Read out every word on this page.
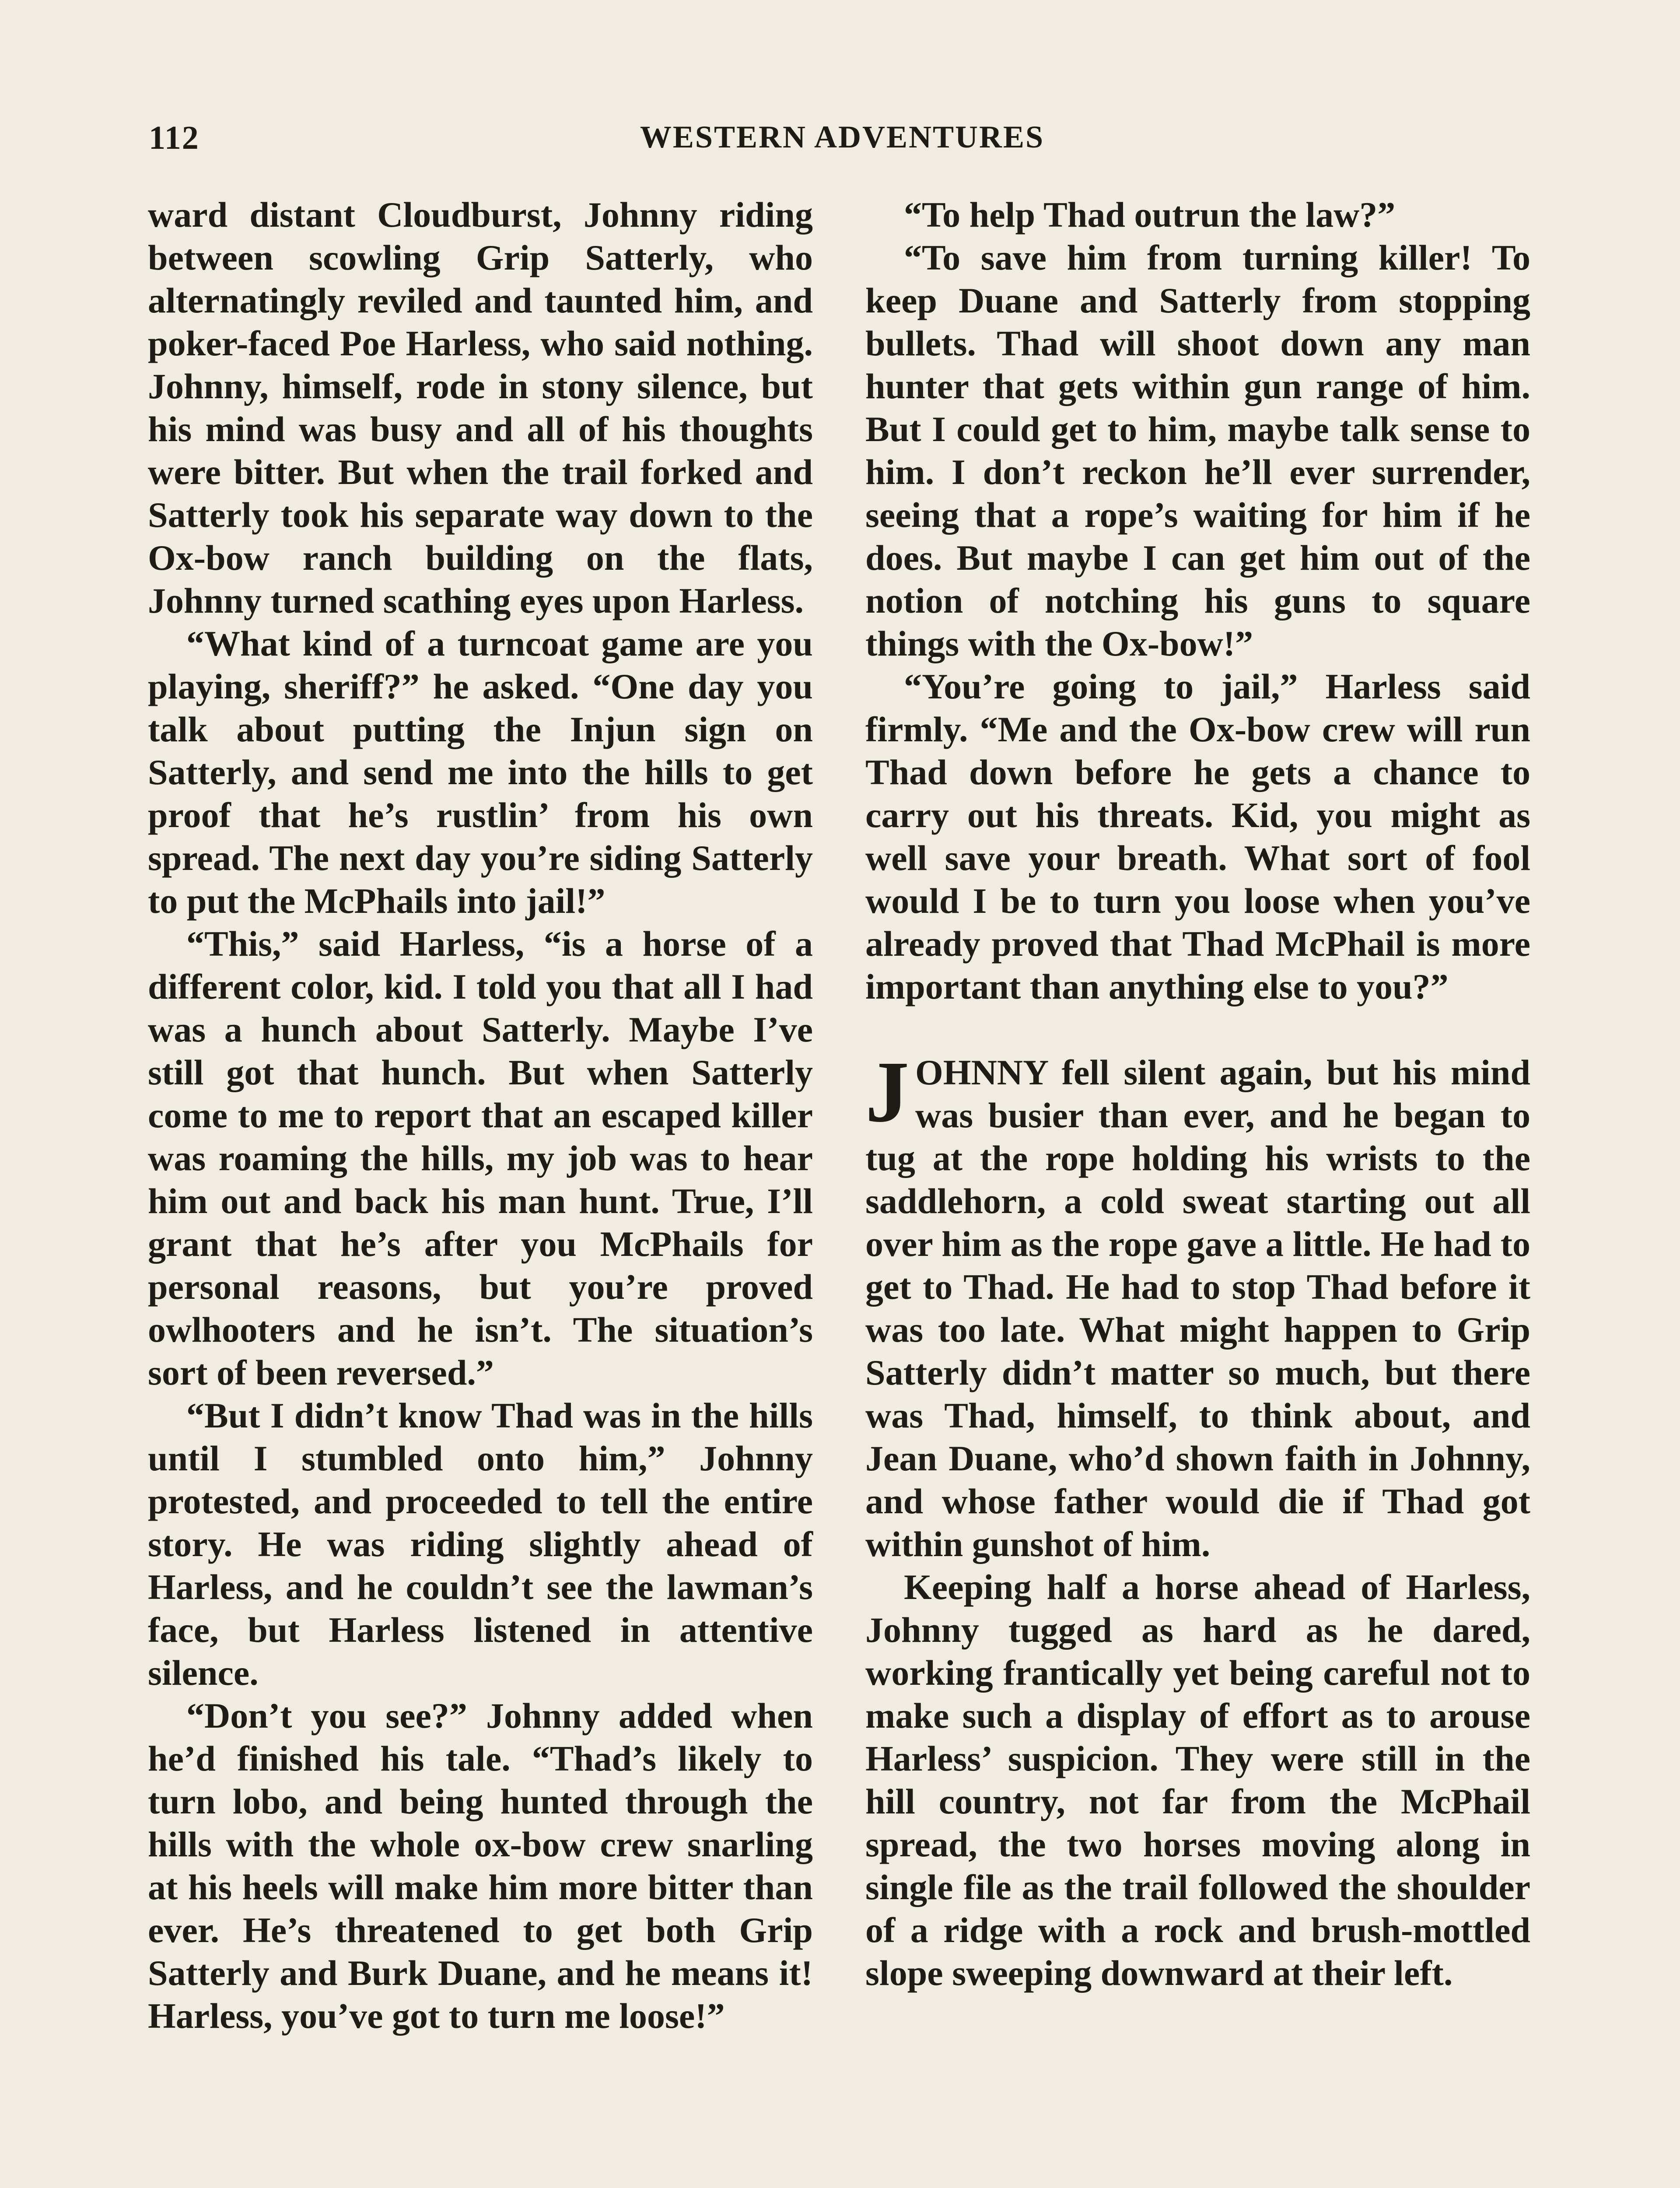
112	WESTERN ADVENTURES

ward distant Cloudburst, Johnny riding between scowling Grip Satterly, who alternatingly reviled and taunted him, and poker-faced Poe Harless, who said nothing. Johnny, himself, rode in stony silence, but his mind was busy and all of his thoughts were bitter. But when the trail forked and Satterly took his separate way down to the Ox-bow ranch building on the flats, Johnny turned scathing eyes upon Harless.

“What kind of a turncoat game are you playing, sheriff?” he asked. “One day you talk about putting the Injun sign on Satterly, and send me into the hills to get proof that he’s rustlin’ from his own spread. The next day you’re siding Satterly to put the McPhails into jail!”

“This,” said Harless, “is a horse of a different color, kid. I told you that all I had was a hunch about Satterly. Maybe I’ve still got that hunch. But when Satterly come to me to report that an escaped killer was roaming the hills, my job was to hear him out and back his man hunt. True, I’ll grant that he’s after you McPhails for personal reasons, but you’re proved owlhooters and he isn’t. The situation’s sort of been reversed.”

“But I didn’t know Thad was in the hills until I stumbled onto him,” Johnny protested, and proceeded to tell the entire story. He was riding slightly ahead of Harless, and he couldn’t see the lawman’s face, but Harless listened in attentive silence.

“Don’t you see?” Johnny added when he’d finished his tale. “Thad’s likely to turn lobo, and being hunted through the hills with the whole ox-bow crew snarling at his heels will make him more bitter than ever. He’s threatened to get both Grip Satterly and Burk Duane, and he means it! Harless, you’ve got to turn me loose!”

“To help Thad outrun the law?”

“To save him from turning killer! To keep Duane and Satterly from stopping bullets. Thad will shoot down any man hunter that gets within gun range of him. But I could get to him, maybe talk sense to him. I don’t reckon he’ll ever surrender, seeing that a rope’s waiting for him if he does. But maybe I can get him out of the notion of notching his guns to square things with the Ox-bow!”

“You’re going to jail,” Harless said firmly. “Me and the Ox-bow crew will run Thad down before he gets a chance to carry out his threats. Kid, you might as well save your breath. What sort of fool would I be to turn you loose when you’ve already proved that Thad McPhail is more important than anything else to you?”

JOHNNY fell silent again, but his mind was busier than ever, and he began to tug at the rope holding his wrists to the saddlehorn, a cold sweat starting out all over him as the rope gave a little. He had to get to Thad. He had to stop Thad before it was too late. What might happen to Grip Satterly didn’t matter so much, but there was Thad, himself, to think about, and Jean Duane, who’d shown faith in Johnny, and whose father would die if Thad got within gunshot of him.

Keeping half a horse ahead of Harless, Johnny tugged as hard as he dared, working frantically yet being careful not to make such a display of effort as to arouse Harless’ suspicion. They were still in the hill country, not far from the McPhail spread, the two horses moving along in single file as the trail followed the shoulder of a ridge with a rock and brush-mottled slope sweeping downward at their left.
